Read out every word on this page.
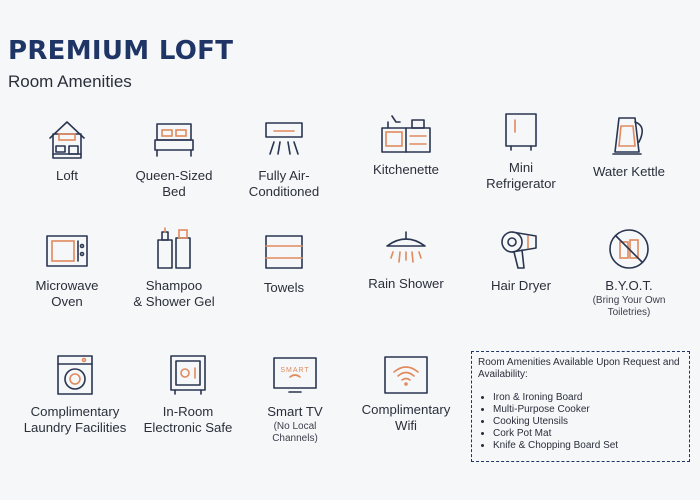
PREMIUM LOFT
Room Amenities
Loft	Queen-Sized
Bed
Fully Air-
Conditioned
Kitchenette	Mini
Refrigerator
Water Kettle
Microwave
Oven
Shampoo
& Shower Gel
Towels	Rain Shower	Hair Dryer	B.Y.O.T.
(Bring Your Own
Toiletries)
Complimentary
Laundry Facilities
In-Room
Electronic Safe
SMART
Smart TV
(No Local
Channels)
Complimentary
Wifi
Room Amenities Available Upon Request and Availability:
• Iron & Ironing Board
• Multi-Purpose Cooker
• Cooking Utensils
• Cork Pot Mat
• Knife & Chopping Board Set
